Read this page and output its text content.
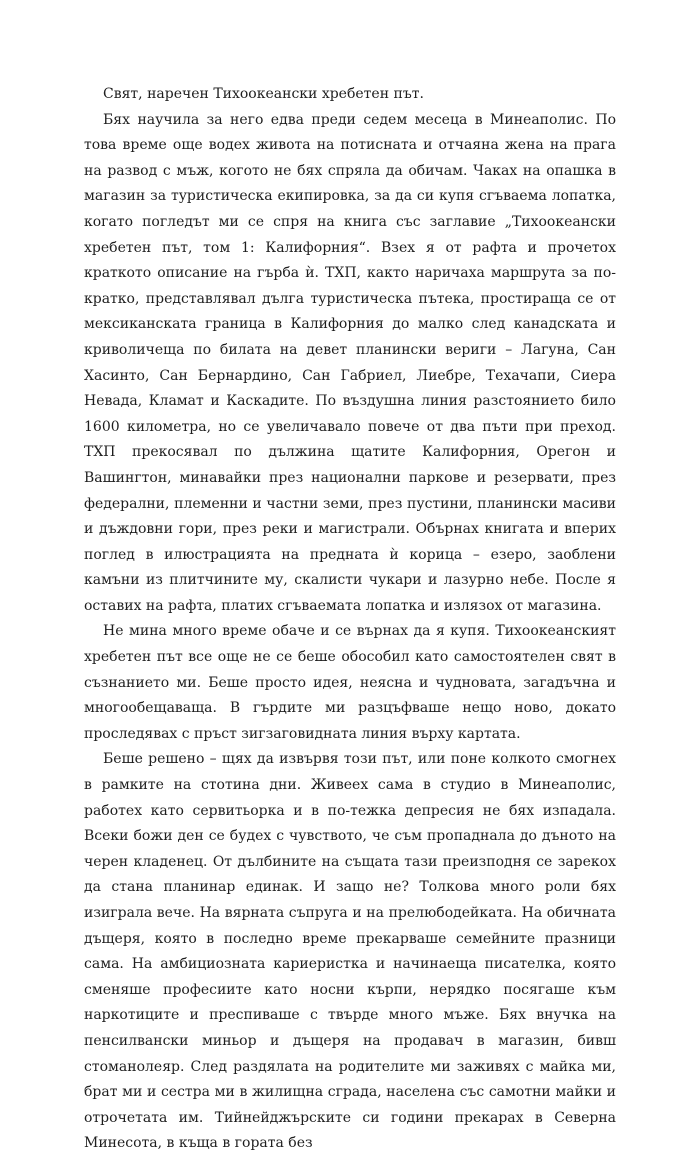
Свят, наречен Тихоокеански хребетен път.

Бях научила за него едва преди седем месеца в Минеаполис. По това време още водех живота на потисната и отчаяна жена на прага на развод с мъж, когото не бях спряла да обичам. Чаках на опашка в магазин за туристическа екипировка, за да си купя сгъваема лопатка, когато погледът ми се спря на книга със заглавие „Тихоокеански хребетен път, том 1: Калифорния“. Взех я от рафта и прочетох краткото описание на гърба ѝ. ТХП, както наричаха маршрута за по-кратко, представлявал дълга туристическа пътека, простираща се от мексиканската граница в Калифорния до малко след канадската и криволичеща по билата на девет планински вериги – Лагуна, Сан Хасинто, Сан Бернардино, Сан Габриел, Лиебре, Техачапи, Сиера Невада, Кламат и Каскадите. По въздушна линия разстоянието било 1600 километра, но се увеличавало повече от два пъти при преход. ТХП прекосявал по дължина щатите Калифорния, Орегон и Вашингтон, минавайки през национални паркове и резервати, през федерални, племенни и частни земи, през пустини, планински масиви и дъждовни гори, през реки и магистрали. Обърнах книгата и вперих поглед в илюстрацията на предната ѝ корица – езеро, заоблени камъни из плитчините му, скалисти чукари и лазурно небе. После я оставих на рафта, платих сгъваемата лопатка и излязох от магазина.

Не мина много време обаче и се върнах да я купя. Тихоокеанският хребетен път все още не се беше обособил като самостоятелен свят в съзнанието ми. Беше просто идея, неясна и чудновата, загадъчна и многообещаваща. В гърдите ми разцъфваше нещо ново, докато проследявах с пръст зигзаговидната линия върху картата.

Беше решено – щях да извървя този път, или поне колкото смогнех в рамките на стотина дни. Живеех сама в студио в Минеаполис, работех като сервитьорка и в по-тежка депресия не бях изпадала. Всеки божи ден се будех с чувството, че съм пропаднала до дъното на черен кладенец. От дълбините на същата тази преизподня се зарекох да стана планинар единак. И защо не? Толкова много роли бях изиграла вече. На вярната съпруга и на прелюбодейката. На обичната дъщеря, която в последно време прекарваше семейните празници сама. На амбициозната кариеристка и начинаеща писателка, която сменяше професиите като носни кърпи, нерядко посягаше към наркотиците и преспиваше с твърде много мъже. Бях внучка на пенсилвански миньор и дъщеря на продавач в магазин, бивш стоманолеяр. След раздялата на родителите ми заживях с майка ми, брат ми и сестра ми в жилищна сграда, населена със самотни майки и отрочетата им. Тийнейджърските си години прекарах в Северна Минесота, в къща в гората без
